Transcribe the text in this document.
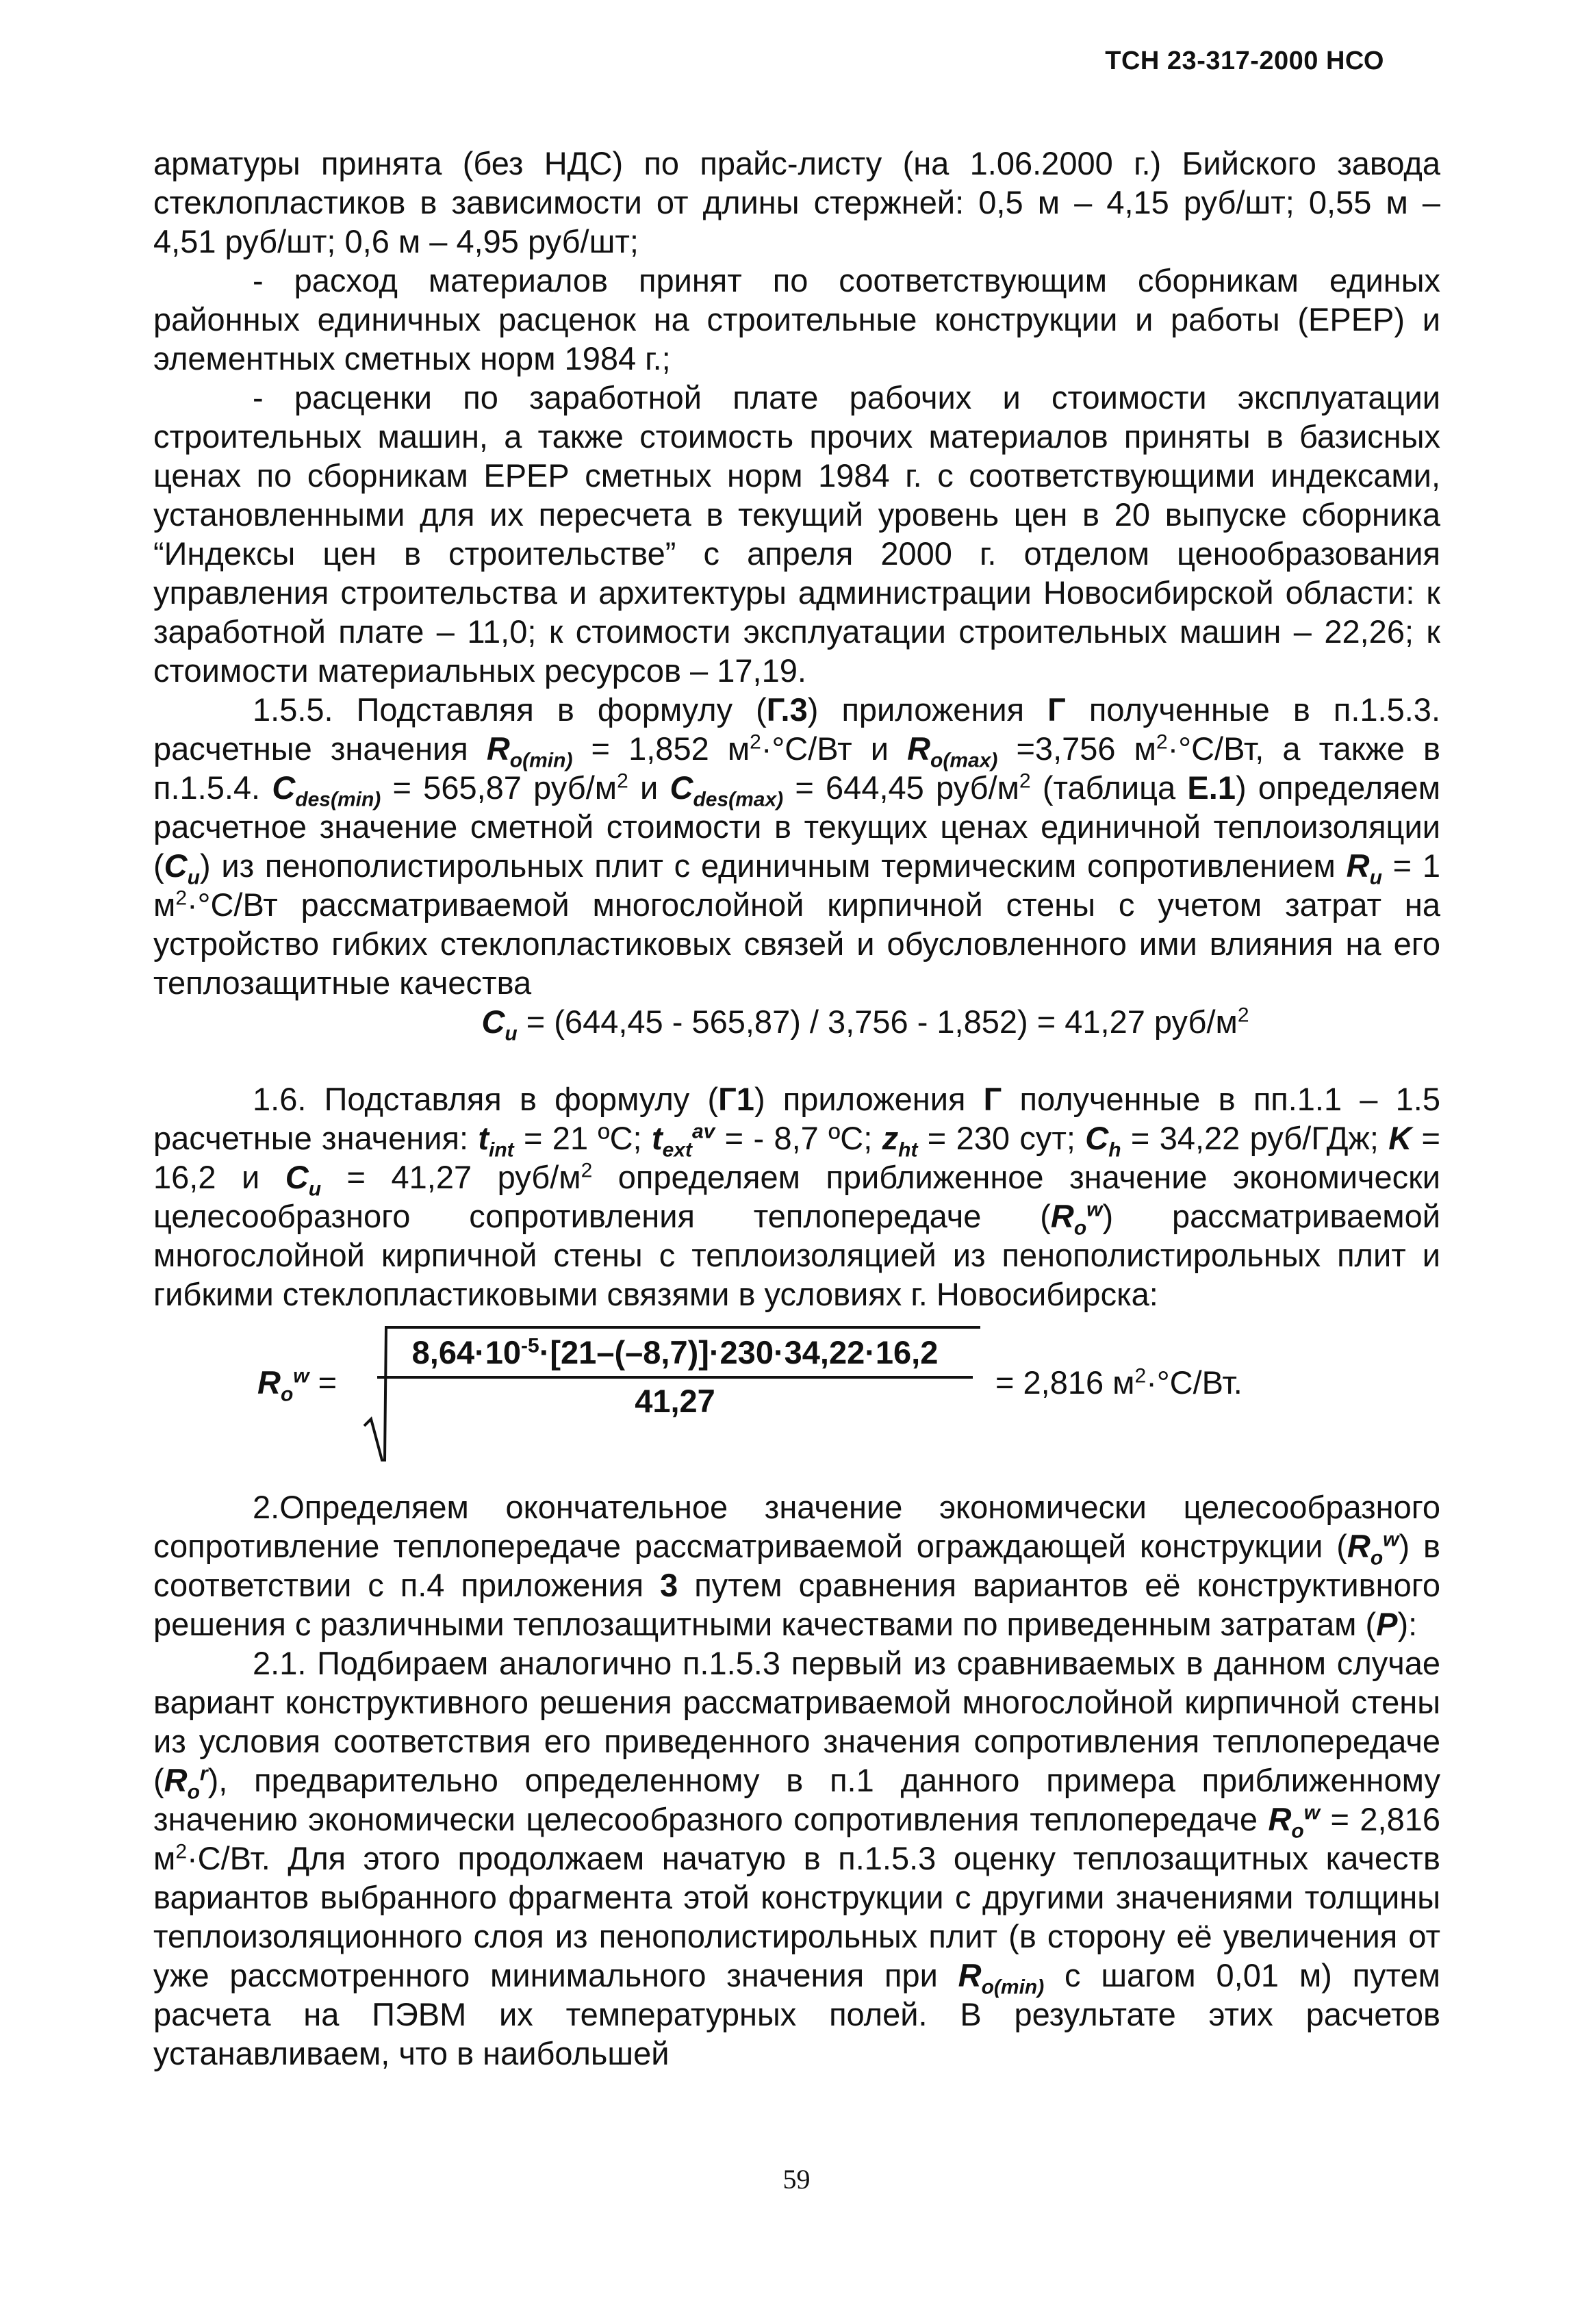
ТСН 23-317-2000 НСО

арматуры принята (без НДС) по прайс-листу (на 1.06.2000 г.) Бийского завода стеклопластиков в зависимости от длины стержней: 0,5 м – 4,15 руб/шт; 0,55 м – 4,51 руб/шт; 0,6 м – 4,95 руб/шт;

- расход материалов принят по соответствующим сборникам единых районных единичных расценок на строительные конструкции и работы (ЕРЕР) и элементных сметных норм 1984 г.;

- расценки по заработной плате рабочих и стоимости эксплуатации строительных машин, а также стоимость прочих материалов приняты в базисных ценах по сборникам ЕРЕР сметных норм 1984 г. с соответствующими индексами, установленными для их пересчета в текущий уровень цен в 20 выпуске сборника “Индексы цен в строительстве” с апреля 2000 г. отделом ценообразования управления строительства и архитектуры администрации Новосибирской области: к заработной плате – 11,0; к стоимости эксплуатации строительных машин – 22,26; к стоимости материальных ресурсов – 17,19.

1.5.5. Подставляя в формулу (Г.3) приложения Г полученные в п.1.5.3. расчетные значения $R_{o(min)} = 1,852$ $м^2\cdot^\circ С/Вт$ и $R_{o(max)} =3,756$ $м^2\cdot^\circ С/Вт$, а также в п.1.5.4. $C_{des(min)} = 565,87$ руб/$м^2$ и $C_{des(max)} = 644,45$ руб/$м^2$ (таблица Е.1) определяем расчетное значение сметной стоимости в текущих ценах единичной теплоизоляции $(C_u)$ из пенополистирольных плит с единичным термическим сопротивлением $R_u = 1$ $м^2\cdot^\circ С/Вт$ рассматриваемой многослойной кирпичной стены с учетом затрат на устройство гибких стеклопластиковых связей и обусловленного ими влияния на его теплозащитные качества

$C_u = (644,45 - 565,87) / 3,756 - 1,852) = 41,27$ руб/$м^2$

1.6. Подставляя в формулу (Г1) приложения Г полученные в пп.1.1 – 1.5 расчетные значения: $t_{int} = 21$ ºС; $t_{ext}^{av}$ = - 8,7 ºС; $z_{ht} = 230$ сут; $C_h = 34,22$ руб/ГДж; K = 16,2 и $C_u = 41,27$ руб/$м^2$ определяем приближенное значение экономически целесообразного сопротивления теплопередаче $(R_o^w)$ рассматриваемой многослойной кирпичной стены с теплоизоляцией из пенополистирольных плит и гибкими стеклопластиковыми связями в условиях г. Новосибирска:

$R_o^w$ =
$8,64\cdot 10^{-5}\cdot[21-(-8,7)]\cdot 230\cdot 34,22\cdot 16,2$
41,27
= 2,816 $м^2\cdot^\circ С/Вт$.

2.Определяем окончательное значение экономически целесообразного сопротивление теплопередаче рассматриваемой ограждающей конструкции $(R_o^w)$ в соответствии с п.4 приложения 3 путем сравнения вариантов её конструктивного решения с различными теплозащитными качествами по приведенным затратам (P):

2.1. Подбираем аналогично п.1.5.3 первый из сравниваемых в данном случае вариант конструктивного решения рассматриваемой многослойной кирпичной стены из условия соответствия его приведенного значения сопротивления теплопередаче $(R_o^r)$, предварительно определенному в п.1 данного примера приближенному значению экономически целесообразного сопротивления теплопередаче $R_o^w = 2,816$ $м^2\cdot С/Вт$. Для этого продолжаем начатую в п.1.5.3 оценку теплозащитных качеств вариантов выбранного фрагмента этой конструкции с другими значениями толщины теплоизоляционного слоя из пенополистирольных плит (в сторону её увеличения от уже рассмотренного минимального значения при $R_{o(min)}$ с шагом 0,01 м) путем расчета на ПЭВМ их температурных полей. В результате этих расчетов устанавливаем, что в наибольшей

59
